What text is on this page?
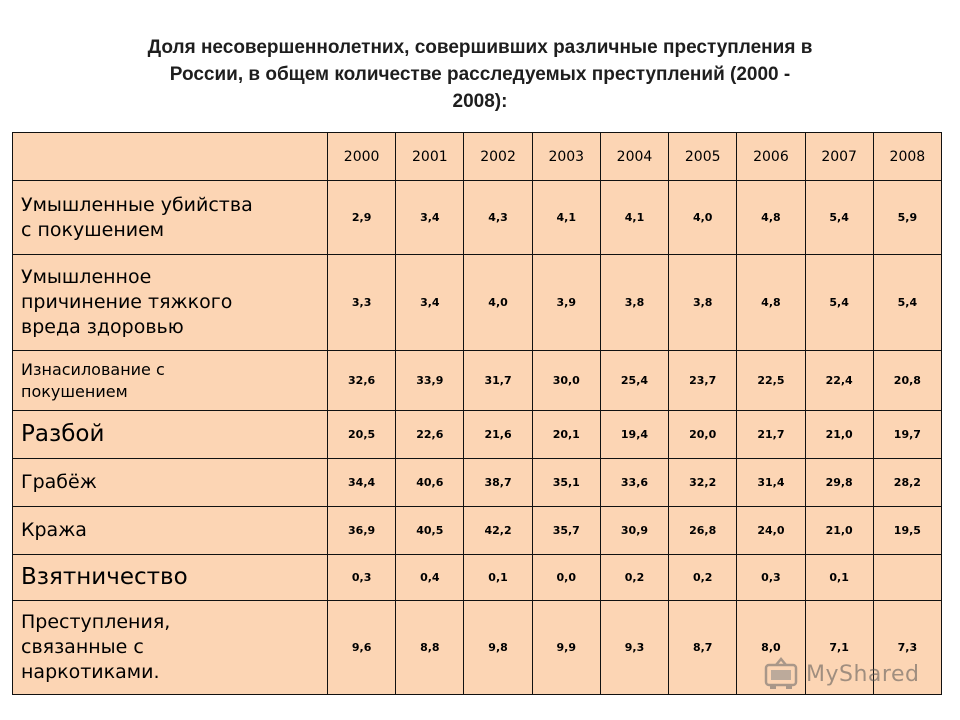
Доля несовершеннолетних, совершивших различные преступления в
России, в общем количестве расследуемых преступлений (2000 -
2008):
	2000	2001	2002	2003	2004	2005	2006	2007	2008

Умышленные убийства
с покушением	2,9	3,4	4,3	4,1	4,1	4,0	4,8	5,4	5,9

Умышленное
причинение тяжкого
вреда здоровью	3,3	3,4	4,0	3,9	3,8	3,8	4,8	5,4	5,4

Изнасилование с
покушением	32,6	33,9	31,7	30,0	25,4	23,7	22,5	22,4	20,8

Разбой	20,5	22,6	21,6	20,1	19,4	20,0	21,7	21,0	19,7

Грабёж	34,4	40,6	38,7	35,1	33,6	32,2	31,4	29,8	28,2

Кража	36,9	40,5	42,2	35,7	30,9	26,8	24,0	21,0	19,5

Взятничество	0,3	0,4	0,1	0,0	0,2	0,2	0,3	0,1	

Преступления,
связанные с
наркотиками.	9,6	8,8	9,8	9,9	9,3	8,7	8,0	7,1	7,3
MyShared
